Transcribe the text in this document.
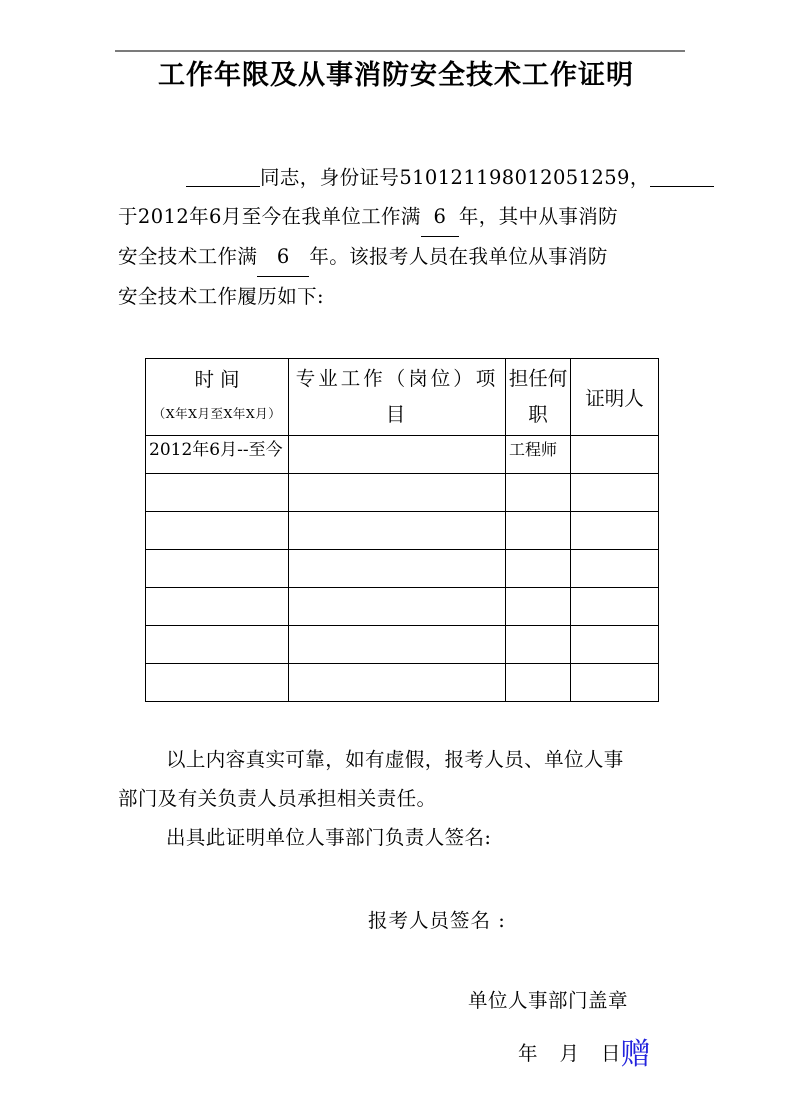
工作年限及从事消防安全技术工作证明
同志，身份证号510121198012051259，
于2012年6月至今在我单位工作满 6 年，其中从事消防
安全技术工作满 6 年。该报考人员在我单位从事消防
安全技术工作履历如下:
时间
（X年X月至X年X月）	专业工作（岗位）项目	担任何职	证明人

2012年6月--至今		工程师	

以上内容真实可靠，如有虚假，报考人员、单位人事
部门及有关负责人员承担相关责任。
出具此证明单位人事部门负责人签名:
报考人员签名 :
单位人事部门盖章
年 月 日赠
